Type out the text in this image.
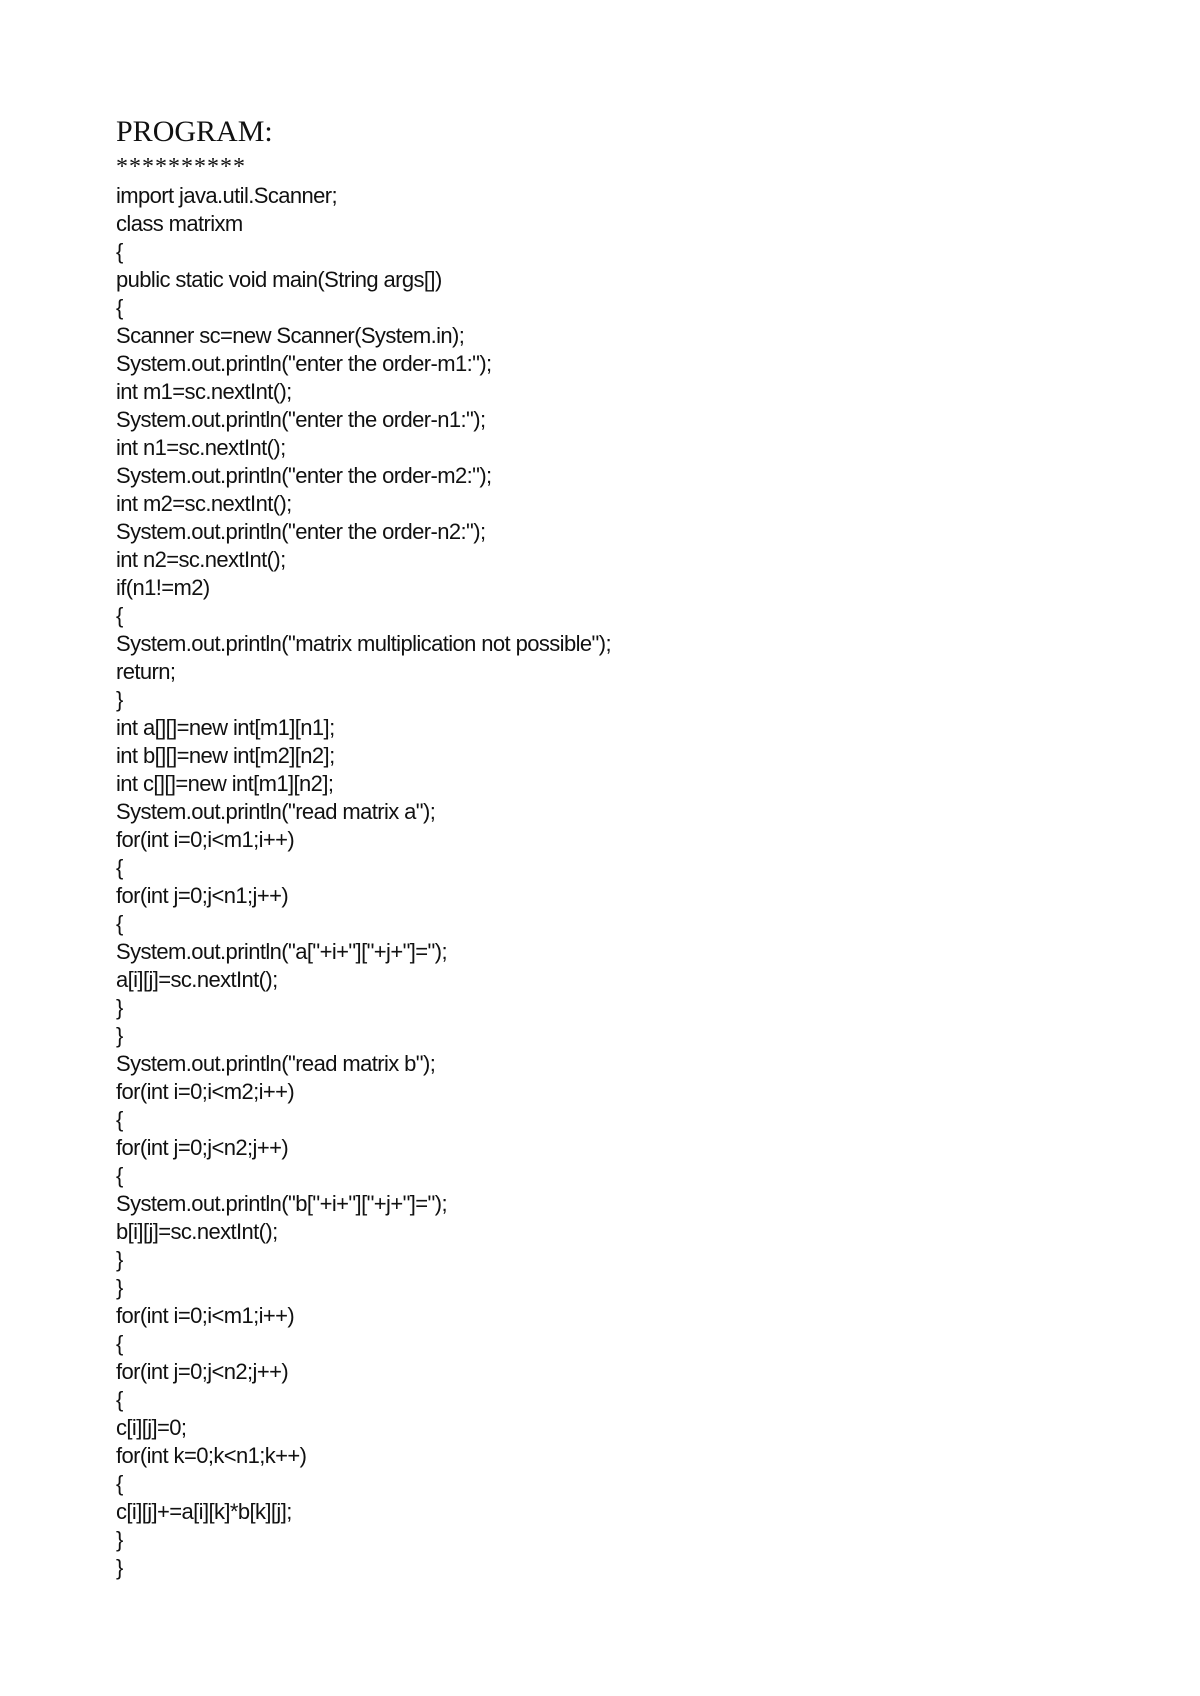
PROGRAM:
**********
import java.util.Scanner;
class matrixm
{
public static void main(String args[])
{
Scanner sc=new Scanner(System.in);
System.out.println("enter the order-m1:");
int m1=sc.nextInt();
System.out.println("enter the order-n1:");
int n1=sc.nextInt();
System.out.println("enter the order-m2:");
int m2=sc.nextInt();
System.out.println("enter the order-n2:");
int n2=sc.nextInt();
if(n1!=m2)
{
System.out.println("matrix multiplication not possible");
return;
}
int a[][]=new int[m1][n1];
int b[][]=new int[m2][n2];
int c[][]=new int[m1][n2];
System.out.println("read matrix a");
for(int i=0;i<m1;i++)
{
for(int j=0;j<n1;j++)
{
System.out.println("a["+i+"]["+j+"]=");
a[i][j]=sc.nextInt();
}
}
System.out.println("read matrix b");
for(int i=0;i<m2;i++)
{
for(int j=0;j<n2;j++)
{
System.out.println("b["+i+"]["+j+"]=");
b[i][j]=sc.nextInt();
}
}
for(int i=0;i<m1;i++)
{
for(int j=0;j<n2;j++)
{
c[i][j]=0;
for(int k=0;k<n1;k++)
{
c[i][j]+=a[i][k]*b[k][j];
}
}
